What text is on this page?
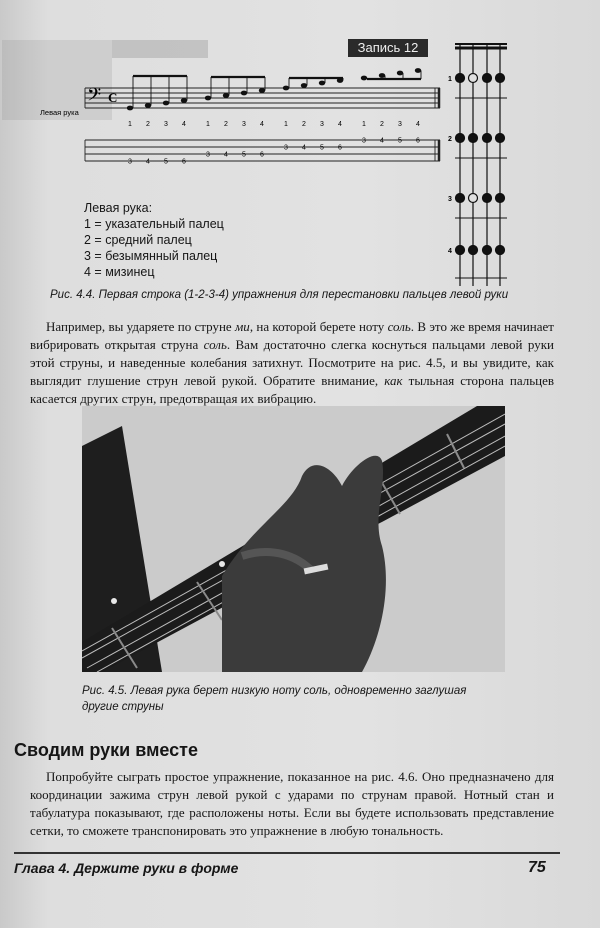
Запись 12
𝄢 C
Левая рука
1 2 3 4	1 2 3 4	1 2 3 4	1 2 3 4
3 4 5 6
3 4 5 6
3 4 5 6
3 4 5 6
1
2
3
4
Левая рука:
1 = указательный палец
2 = средний палец
3 = безымянный палец
4 = мизинец
Рис. 4.4. Первая строка (1-2-3-4) упражнения для перестановки пальцев левой руки
Например, вы ударяете по струне ми, на которой берете ноту соль. В это же время начинает вибрировать открытая струна соль. Вам достаточно слегка коснуться пальцами левой руки этой струны, и наведенные колебания затихнут. Посмотрите на рис. 4.5, и вы увидите, как выглядит глушение струн левой рукой. Обратите внимание, как тыльная сторона пальцев касается других струн, предотвращая их вибрацию.
Рис. 4.5. Левая рука берет низкую ноту соль, одновременно заглушая другие струны
Сводим руки вместе
Попробуйте сыграть простое упражнение, показанное на рис. 4.6. Оно предназначено для координации зажима струн левой рукой с ударами по струнам правой. Нотный стан и табулатура показывают, где расположены ноты. Если вы будете использовать представление сетки, то сможете транспонировать это упражнение в любую тональность.
Глава 4. Держите руки в форме	75
